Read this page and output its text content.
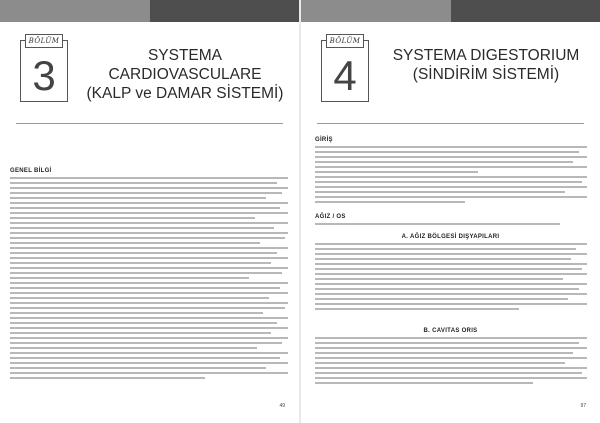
BÖLÜM
3	SYSTEMA CARDIOVASCULARE
(KALP ve DAMAR SİSTEMİ)
GENEL BİLGİ
49
BÖLÜM
4	SYSTEMA DIGESTORIUM
(SİNDİRİM SİSTEMİ)
GİRİŞ
AĞIZ / OS
A. AĞIZ BÖLGESİ DIŞYAPILARI
B. CAVITAS ORIS
97
